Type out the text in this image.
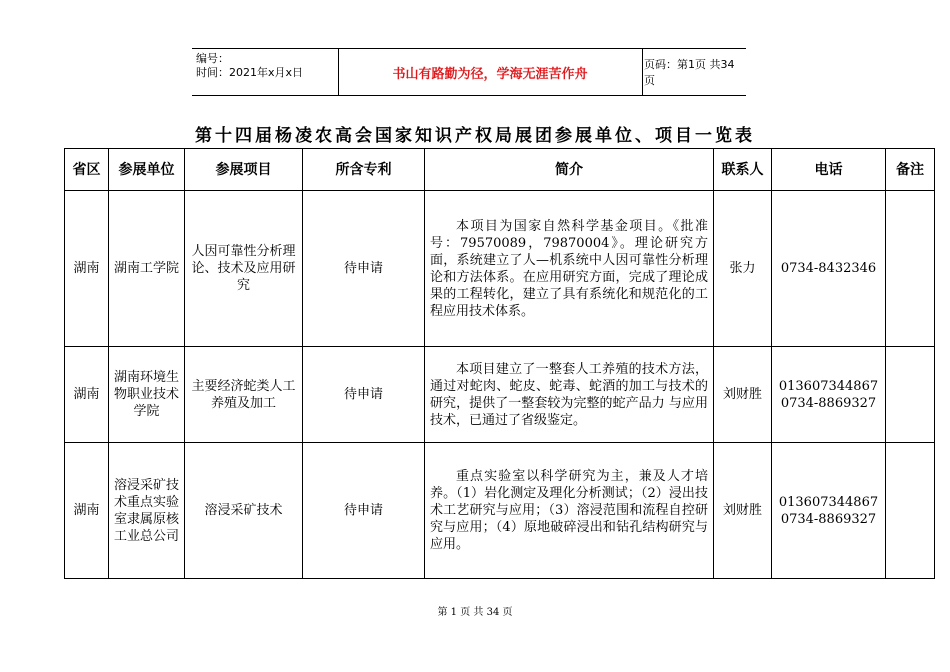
编号：
时间：2021年x月x日	书山有路勤为径，学海无涯苦作舟
页码：第1页 共34页
第十四届杨凌农高会国家知识产权局展团参展单位、项目一览表
省区	参展单位	参展项目	所含专利	简介	联系人	电话	备注

湖南	湖南工学院	人因可靠性分析理论、技术及应用研究	待申请	本项目为国家自然科学基金项目。《批准号：79570089，79870004》。理论研究方面，系统建立了人—机系统中人因可靠性分析理论和方法体系。在应用研究方面，完成了理论成果的工程转化，建立了具有系统化和规范化的工程应用技术体系。	张力	0734-8432346	

湖南	湖南环境生物职业技术学院	主要经济蛇类人工养殖及加工	待申请	本项目建立了一整套人工养殖的技术方法，通过对蛇肉、蛇皮、蛇毒、蛇酒的加工与技术的研究，提供了一整套较为完整的蛇产品力 与应用技术，已通过了省级鉴定。	刘财胜	013607344867 0734-8869327	

湖南	溶浸采矿技术重点实验室隶属原核工业总公司	溶浸采矿技术	待申请	重点实验室以科学研究为主，兼及人才培养。（1）岩化测定及理化分析测试；（2）浸出技术工艺研究与应用；（3）溶浸范围和流程自控研究与应用；（4）原地破碎浸出和钻孔结构研究与应用。	刘财胜	013607344867 0734-8869327	

第 1 页 共 34 页
